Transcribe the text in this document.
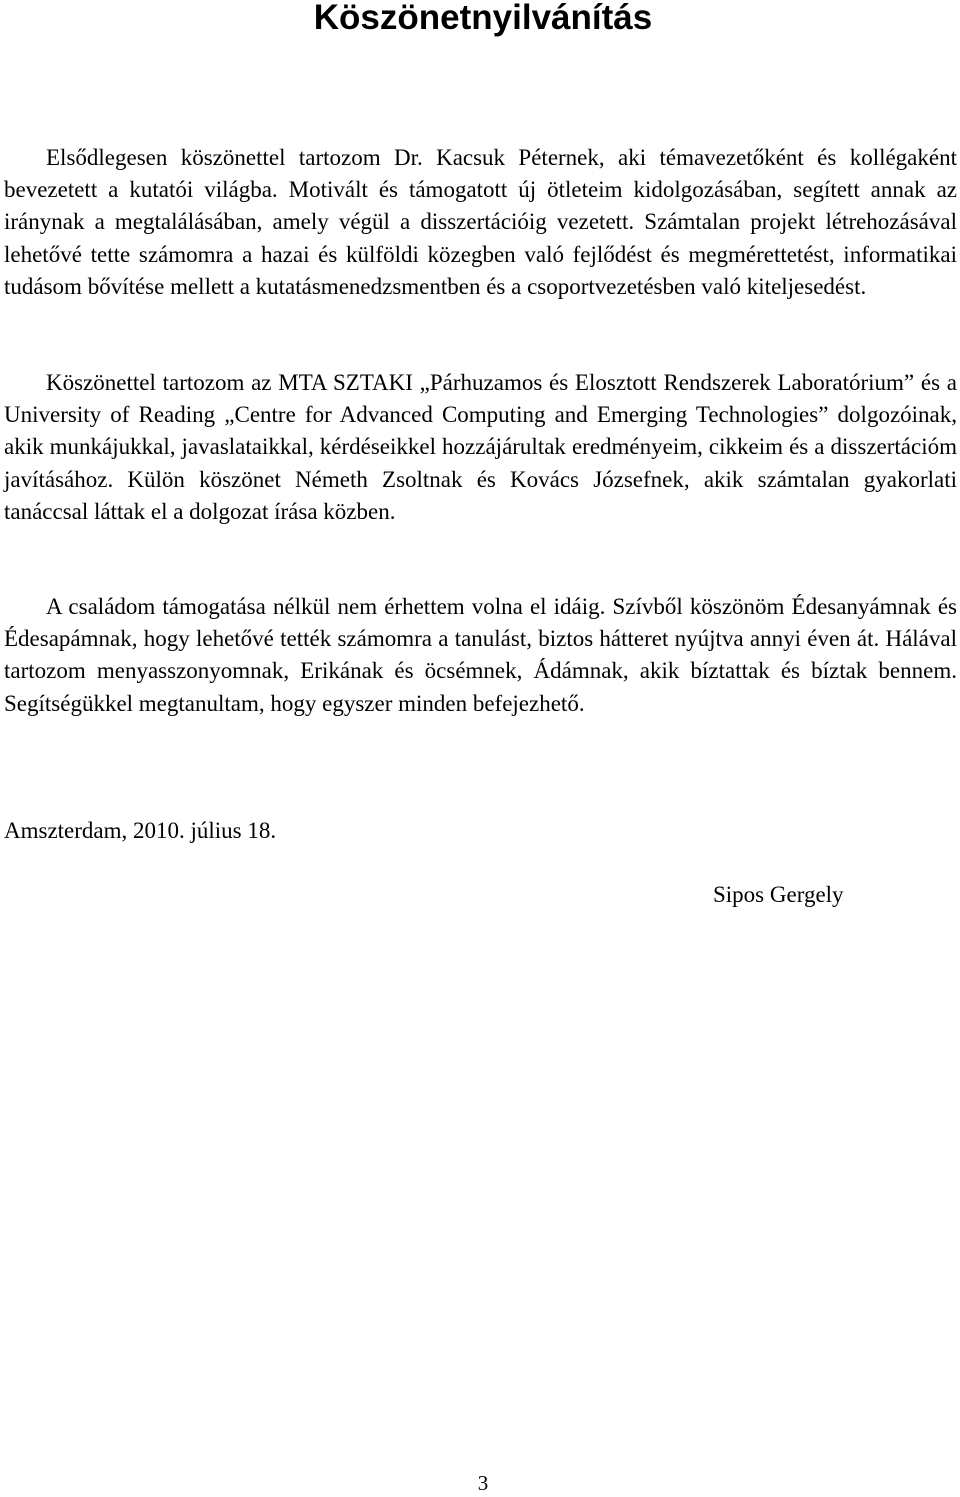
Köszönetnyilvánítás

Elsődlegesen köszönettel tartozom Dr. Kacsuk Péternek, aki témavezetőként és kollégaként bevezetett a kutatói világba. Motivált és támogatott új ötleteim kidolgozásában, segített annak az iránynak a megtalálásában, amely végül a disszertációig vezetett. Számtalan projekt létrehozásával lehetővé tette számomra a hazai és külföldi közegben való fejlődést és megmérettetést, informatikai tudásom bővítése mellett a kutatásmenedzsmentben és a csoportvezetésben való kiteljesedést.

Köszönettel tartozom az MTA SZTAKI „Párhuzamos és Elosztott Rendszerek Laboratórium” és a University of Reading „Centre for Advanced Computing and Emerging Technologies” dolgozóinak, akik munkájukkal, javaslataikkal, kérdéseikkel hozzájárultak eredményeim, cikkeim és a disszertációm javításához. Külön köszönet Németh Zsoltnak és Kovács Józsefnek, akik számtalan gyakorlati tanáccsal láttak el a dolgozat írása közben.

A családom támogatása nélkül nem érhettem volna el idáig. Szívből köszönöm Édesanyámnak és Édesapámnak, hogy lehetővé tették számomra a tanulást, biztos hátteret nyújtva annyi éven át. Hálával tartozom menyasszonyomnak, Erikának és öcsémnek, Ádámnak, akik bíztattak és bíztak bennem. Segítségükkel megtanultam, hogy egyszer minden befejezhető.

Amszterdam, 2010. július 18.

Sipos Gergely

3
